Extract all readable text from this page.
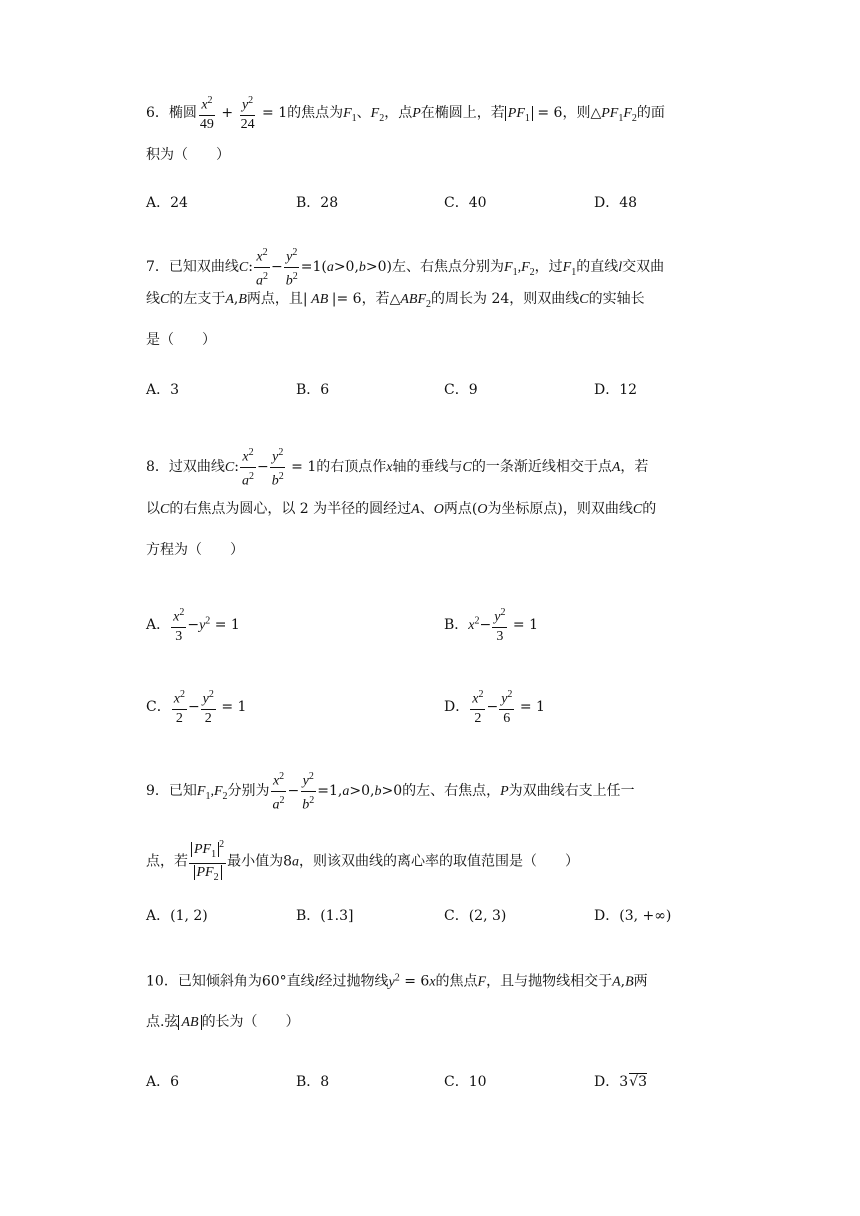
6．椭圆 $\frac{x^2}{49} + \frac{y^2}{24} = 1$的焦点为$F_1$、$F_2$，点P在椭圆上，若 $PF_1 = 6$，则$\triangle PF_1F_2$的面
积为（　　）
A．24	B．28	C．40	D．48
7．已知双曲线C: $\frac{x^2}{a^2} - \frac{y^2}{b^2} =1(a>0,b>0)$左、右焦点分别为$F_1,F_2$，过$F_1$的直线l交双曲
线C的左支于A,B两点，且| AB |= 6，若$\triangle ABF_2$的周长为 24，则双曲线C的实轴长
是（　　）
A．3	B．6	C．9	D．12
8．过双曲线C: $\frac{x^2}{a^2} - \frac{y^2}{b^2} = 1$的右顶点作x轴的垂线与C的一条渐近线相交于点A，若
以C的右焦点为圆心，以 2 为半径的圆经过A、O两点(O为坐标原点)，则双曲线C的
方程为（　　）
A． $\frac{x^2}{3} -y^2 = 1$	B．$x^2- \frac{y^2}{3} = 1$
C． $\frac{x^2}{2} - \frac{y^2}{2} = 1$	D． $\frac{x^2}{2} - \frac{y^2}{6} = 1$
9．已知$F_1,F_2$分别为 $\frac{x^2}{a^2} - \frac{y^2}{b^2} =1,a>0,b>0$的左、右焦点，P为双曲线右支上任一
点，若 $\frac{PF_1^2}{PF_2}$ 最小值为8a，则该双曲线的离心率的取值范围是（　　）
A．(1, 2)	B．(1.3]	C．(2, 3)	D．(3, +∞)
10．已知倾斜角为60°直线l经过抛物线$y^2 = 6x$的焦点F，且与抛物线相交于A,B两
点.弦 AB 的长为（　　）
A．6	B．8	C．10	D．3√3
